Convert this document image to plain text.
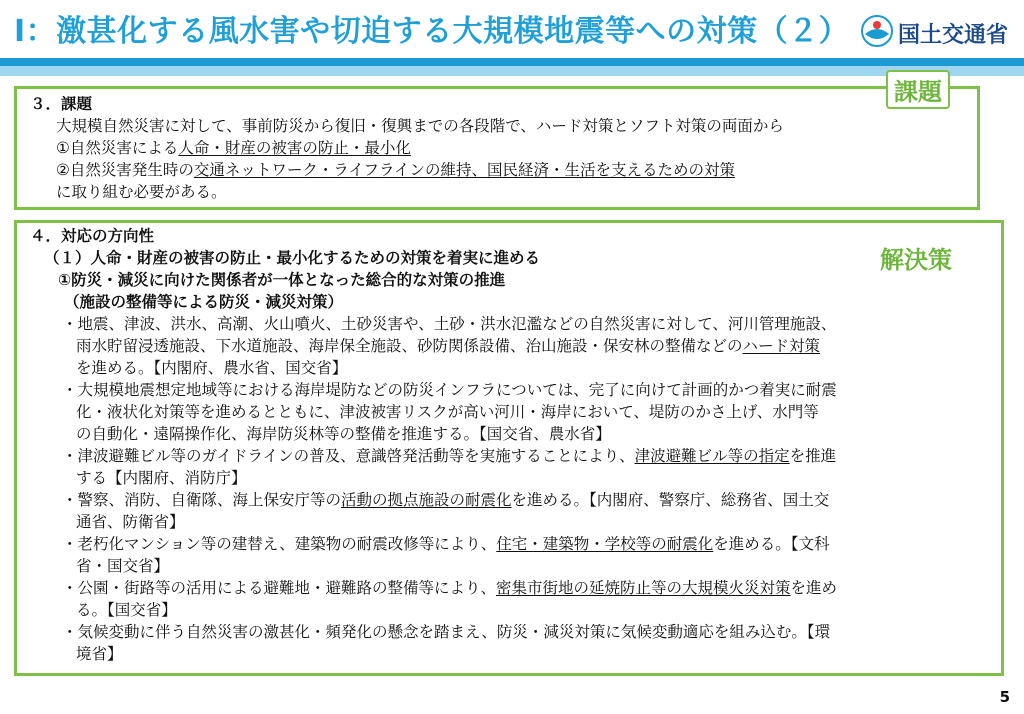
Ⅰ：激甚化する風水害や切迫する大規模地震等への対策（２） 国土交通省
課題
３．課題
大規模自然災害に対して、事前防災から復旧・復興までの各段階で、ハード対策とソフト対策の両面から
①自然災害による人命・財産の被害の防止・最小化
②自然災害発生時の交通ネットワーク・ライフラインの維持、国民経済・生活を支えるための対策
に取り組む必要がある。
解決策
４．対応の方向性
（１）人命・財産の被害の防止・最小化するための対策を着実に進める
①防災・減災に向けた関係者が一体となった総合的な対策の推進
（施設の整備等による防災・減災対策）
・地震、津波、洪水、高潮、火山噴火、土砂災害や、土砂・洪水氾濫などの自然災害に対して、河川管理施設、
雨水貯留浸透施設、下水道施設、海岸保全施設、砂防関係設備、治山施設・保安林の整備などのハード対策
を進める。【内閣府、農水省、国交省】
・大規模地震想定地域等における海岸堤防などの防災インフラについては、完了に向けて計画的かつ着実に耐震
化・液状化対策等を進めるとともに、津波被害リスクが高い河川・海岸において、堤防のかさ上げ、水門等
の自動化・遠隔操作化、海岸防災林等の整備を推進する。【国交省、農水省】
・津波避難ビル等のガイドラインの普及、意識啓発活動等を実施することにより、津波避難ビル等の指定を推進
する【内閣府、消防庁】
・警察、消防、自衛隊、海上保安庁等の活動の拠点施設の耐震化を進める。【内閣府、警察庁、総務省、国土交
通省、防衛省】
・老朽化マンション等の建替え、建築物の耐震改修等により、住宅・建築物・学校等の耐震化を進める。【文科
省・国交省】
・公園・街路等の活用による避難地・避難路の整備等により、密集市街地の延焼防止等の大規模火災対策を進め
る。【国交省】
・気候変動に伴う自然災害の激甚化・頻発化の懸念を踏まえ、防災・減災対策に気候変動適応を組み込む。【環
境省】
5
